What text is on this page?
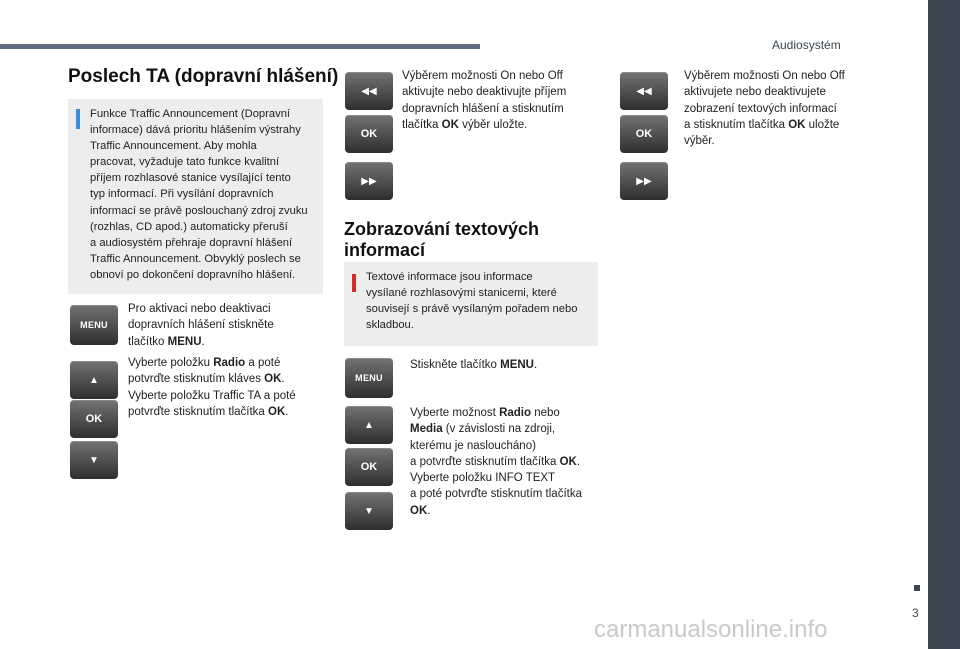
Audiosystém
Poslech TA (dopravní hlášení)
Funkce Traffic Announcement (Dopravní
informace) dává prioritu hlášením výstrahy
Traffic Announcement. Aby mohla
pracovat, vyžaduje tato funkce kvalitní
příjem rozhlasové stanice vysílající tento
typ informací. Při vysílání dopravních
informací se právě poslouchaný zdroj zvuku
(rozhlas, CD apod.) automaticky přeruší
a audiosystém přehraje dopravní hlášení
Traffic Announcement. Obvyklý poslech se
obnoví po dokončení dopravního hlášení.
MENU
Pro aktivaci nebo deaktivaci
dopravních hlášení stiskněte
tlačítko MENU.
▲
OK
▼
Vyberte položku Radio a poté
potvrďte stisknutím kláves OK.
Vyberte položku Traffic TA a poté
potvrďte stisknutím tlačítka OK.
◀◀
OK
▶▶
Výběrem možnosti On nebo Off
aktivujte nebo deaktivujte příjem
dopravních hlášení a stisknutím
tlačítka OK výběr uložte.
Zobrazování textových informací
Textové informace jsou informace
vysílané rozhlasovými stanicemi, které
souvisejí s právě vysílaným pořadem nebo
skladbou.
MENU
Stiskněte tlačítko MENU.
▲
OK
▼
Vyberte možnost Radio nebo
Media (v závislosti na zdroji,
kterému je nasloucháno)
a potvrďte stisknutím tlačítka OK.
Vyberte položku INFO TEXT
a poté potvrďte stisknutím tlačítka
OK.
◀◀
OK
▶▶
Výběrem možnosti On nebo Off
aktivujete nebo deaktivujete
zobrazení textových informací
a stisknutím tlačítka OK uložte
výběr.
3
carmanualsonline.info
